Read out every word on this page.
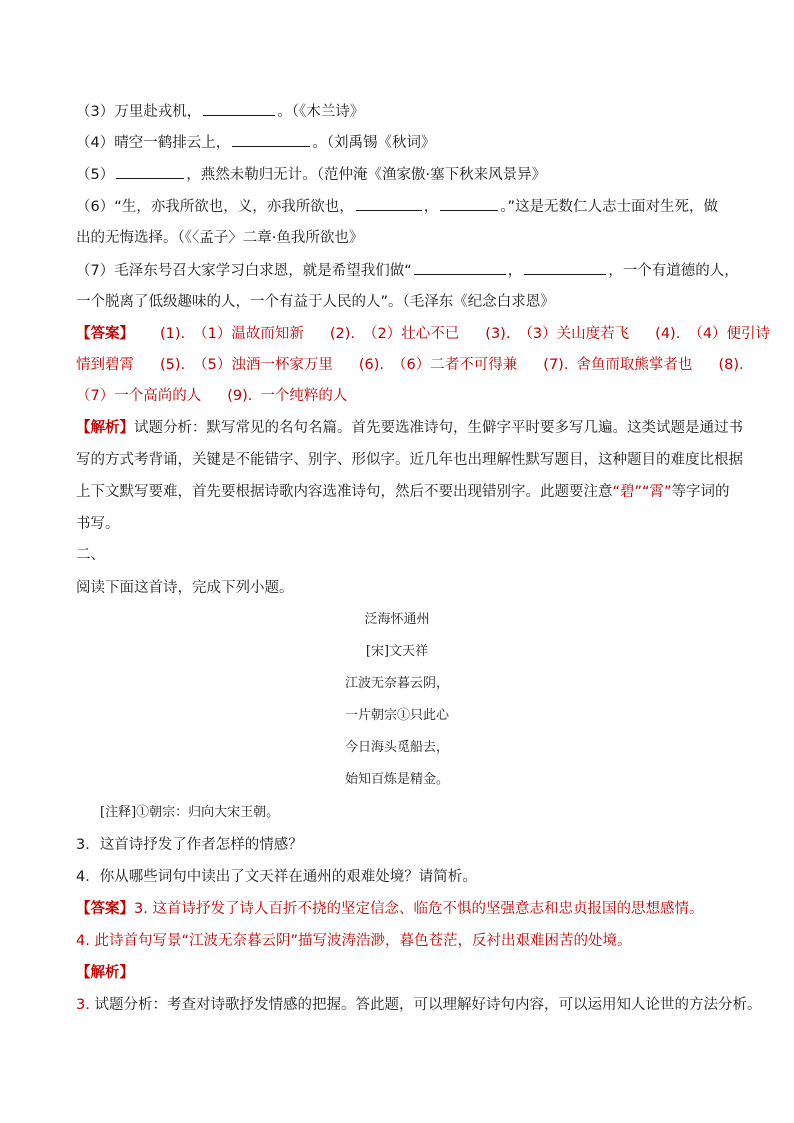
（3）万里赴戎机，	。（《木兰诗》
（4）晴空一鹤排云上，	。（刘禹锡《秋词》
（5）	，燕然未勒归无计。（范仲淹《渔家傲·塞下秋来风景异》
（6）“生，亦我所欲也，义，亦我所欲也，	，	。”这是无数仁人志士面对生死，做
出的无悔选择。（《〈孟子〉二章·鱼我所欲也》
（7）毛泽东号召大家学习白求恩，就是希望我们做“	，	，一个有道德的人，
一个脱离了低级趣味的人，一个有益于人民的人”。（毛泽东《纪念白求恩》
【答案】 (1). （1）温故而知新 (2). （2）壮心不已 (3). （3）关山度若飞 (4). （4）便引诗
情到碧霄 (5). （5）浊酒一杯家万里 (6). （6）二者不可得兼 (7). 舍鱼而取熊掌者也 (8).
（7）一个高尚的人 (9). 一个纯粹的人
【解析】试题分析：默写常见的名句名篇。首先要选准诗句，生僻字平时要多写几遍。这类试题是通过书
写的方式考背诵，关键是不能错字、别字、形似字。近几年也出理解性默写题目，这种题目的难度比根据
上下文默写要难，首先要根据诗歌内容选准诗句，然后不要出现错别字。此题要注意“碧”“霄”等字词的
书写。
二、
阅读下面这首诗，完成下列小题。
泛海怀通州
[宋]文天祥
江波无奈暮云阴，
一片朝宗①只此心
今日海头觅船去，
始知百炼是精金。
[注释]①朝宗：归向大宋王朝。
3．这首诗抒发了作者怎样的情感？
4．你从哪些词句中读出了文天祥在通州的艰难处境？请简析。
【答案】3. 这首诗抒发了诗人百折不挠的坚定信念、临危不惧的坚强意志和忠贞报国的思想感情。
4. 此诗首句写景“江波无奈暮云阴”描写波涛浩渺，暮色苍茫，反衬出艰难困苦的处境。
【解析】
3. 试题分析：考查对诗歌抒发情感的把握。答此题，可以理解好诗句内容，可以运用知人论世的方法分析。
